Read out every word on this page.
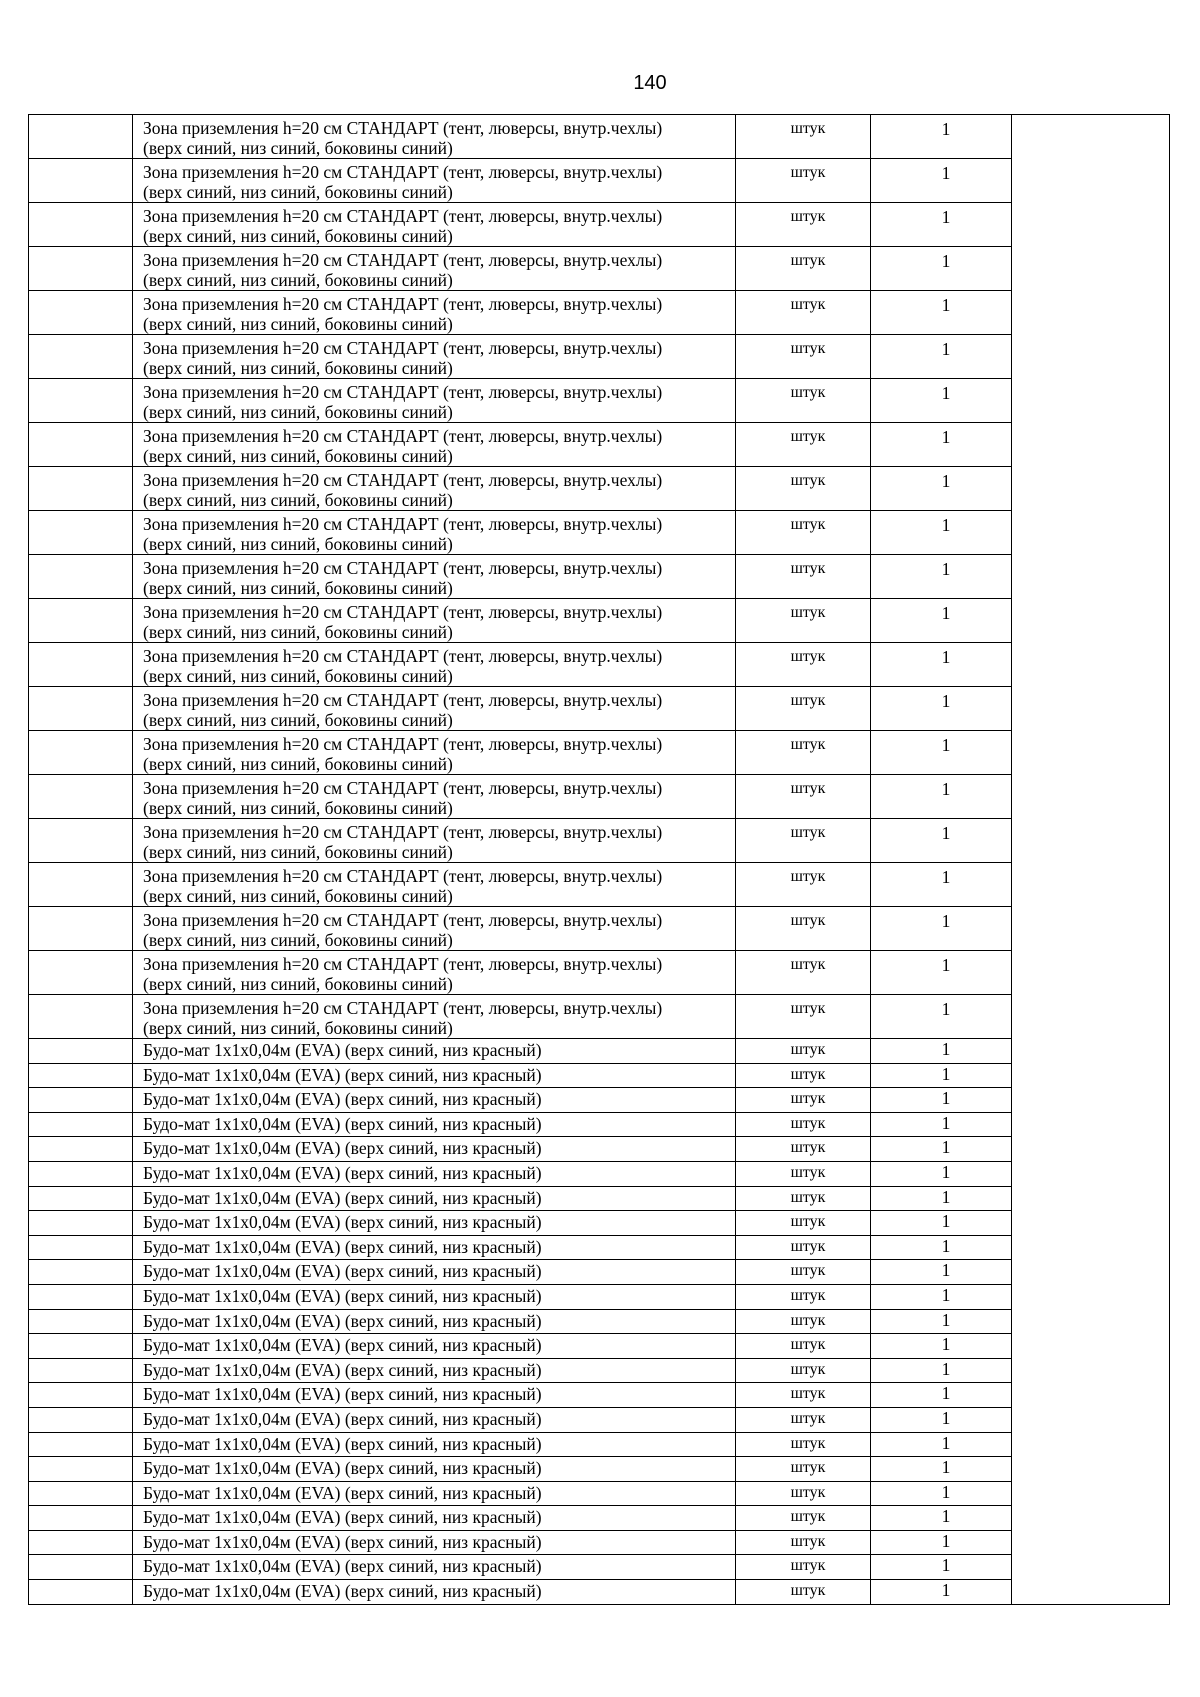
140

	Зона приземления h=20 см СТАНДАРТ (тент, люверсы, внутр.чехлы)
(верх синий, низ синий, боковины синий)	штук	1	

	Зона приземления h=20 см СТАНДАРТ (тент, люверсы, внутр.чехлы)
(верх синий, низ синий, боковины синий)	штук	1	

	Зона приземления h=20 см СТАНДАРТ (тент, люверсы, внутр.чехлы)
(верх синий, низ синий, боковины синий)	штук	1	

	Зона приземления h=20 см СТАНДАРТ (тент, люверсы, внутр.чехлы)
(верх синий, низ синий, боковины синий)	штук	1	

	Зона приземления h=20 см СТАНДАРТ (тент, люверсы, внутр.чехлы)
(верх синий, низ синий, боковины синий)	штук	1	

	Зона приземления h=20 см СТАНДАРТ (тент, люверсы, внутр.чехлы)
(верх синий, низ синий, боковины синий)	штук	1	

	Зона приземления h=20 см СТАНДАРТ (тент, люверсы, внутр.чехлы)
(верх синий, низ синий, боковины синий)	штук	1	

	Зона приземления h=20 см СТАНДАРТ (тент, люверсы, внутр.чехлы)
(верх синий, низ синий, боковины синий)	штук	1	

	Зона приземления h=20 см СТАНДАРТ (тент, люверсы, внутр.чехлы)
(верх синий, низ синий, боковины синий)	штук	1	

	Зона приземления h=20 см СТАНДАРТ (тент, люверсы, внутр.чехлы)
(верх синий, низ синий, боковины синий)	штук	1	

	Зона приземления h=20 см СТАНДАРТ (тент, люверсы, внутр.чехлы)
(верх синий, низ синий, боковины синий)	штук	1	

	Зона приземления h=20 см СТАНДАРТ (тент, люверсы, внутр.чехлы)
(верх синий, низ синий, боковины синий)	штук	1	

	Зона приземления h=20 см СТАНДАРТ (тент, люверсы, внутр.чехлы)
(верх синий, низ синий, боковины синий)	штук	1	

	Зона приземления h=20 см СТАНДАРТ (тент, люверсы, внутр.чехлы)
(верх синий, низ синий, боковины синий)	штук	1	

	Зона приземления h=20 см СТАНДАРТ (тент, люверсы, внутр.чехлы)
(верх синий, низ синий, боковины синий)	штук	1	

	Зона приземления h=20 см СТАНДАРТ (тент, люверсы, внутр.чехлы)
(верх синий, низ синий, боковины синий)	штук	1	

	Зона приземления h=20 см СТАНДАРТ (тент, люверсы, внутр.чехлы)
(верх синий, низ синий, боковины синий)	штук	1	

	Зона приземления h=20 см СТАНДАРТ (тент, люверсы, внутр.чехлы)
(верх синий, низ синий, боковины синий)	штук	1	

	Зона приземления h=20 см СТАНДАРТ (тент, люверсы, внутр.чехлы)
(верх синий, низ синий, боковины синий)	штук	1	

	Зона приземления h=20 см СТАНДАРТ (тент, люверсы, внутр.чехлы)
(верх синий, низ синий, боковины синий)	штук	1	

	Зона приземления h=20 см СТАНДАРТ (тент, люверсы, внутр.чехлы)
(верх синий, низ синий, боковины синий)	штук	1	

	Будо-мат 1x1x0,04м (EVA) (верх синий, низ красный)	штук	1	

	Будо-мат 1x1x0,04м (EVA) (верх синий, низ красный)	штук	1	

	Будо-мат 1x1x0,04м (EVA) (верх синий, низ красный)	штук	1	

	Будо-мат 1x1x0,04м (EVA) (верх синий, низ красный)	штук	1	

	Будо-мат 1x1x0,04м (EVA) (верх синий, низ красный)	штук	1	

	Будо-мат 1x1x0,04м (EVA) (верх синий, низ красный)	штук	1	

	Будо-мат 1x1x0,04м (EVA) (верх синий, низ красный)	штук	1	

	Будо-мат 1x1x0,04м (EVA) (верх синий, низ красный)	штук	1	

	Будо-мат 1x1x0,04м (EVA) (верх синий, низ красный)	штук	1	

	Будо-мат 1x1x0,04м (EVA) (верх синий, низ красный)	штук	1	

	Будо-мат 1x1x0,04м (EVA) (верх синий, низ красный)	штук	1	

	Будо-мат 1x1x0,04м (EVA) (верх синий, низ красный)	штук	1	

	Будо-мат 1x1x0,04м (EVA) (верх синий, низ красный)	штук	1	

	Будо-мат 1x1x0,04м (EVA) (верх синий, низ красный)	штук	1	

	Будо-мат 1x1x0,04м (EVA) (верх синий, низ красный)	штук	1	

	Будо-мат 1x1x0,04м (EVA) (верх синий, низ красный)	штук	1	

	Будо-мат 1x1x0,04м (EVA) (верх синий, низ красный)	штук	1	

	Будо-мат 1x1x0,04м (EVA) (верх синий, низ красный)	штук	1	

	Будо-мат 1x1x0,04м (EVA) (верх синий, низ красный)	штук	1	

	Будо-мат 1x1x0,04м (EVA) (верх синий, низ красный)	штук	1	

	Будо-мат 1x1x0,04м (EVA) (верх синий, низ красный)	штук	1	

	Будо-мат 1x1x0,04м (EVA) (верх синий, низ красный)	штук	1	

	Будо-мат 1x1x0,04м (EVA) (верх синий, низ красный)	штук	1	
